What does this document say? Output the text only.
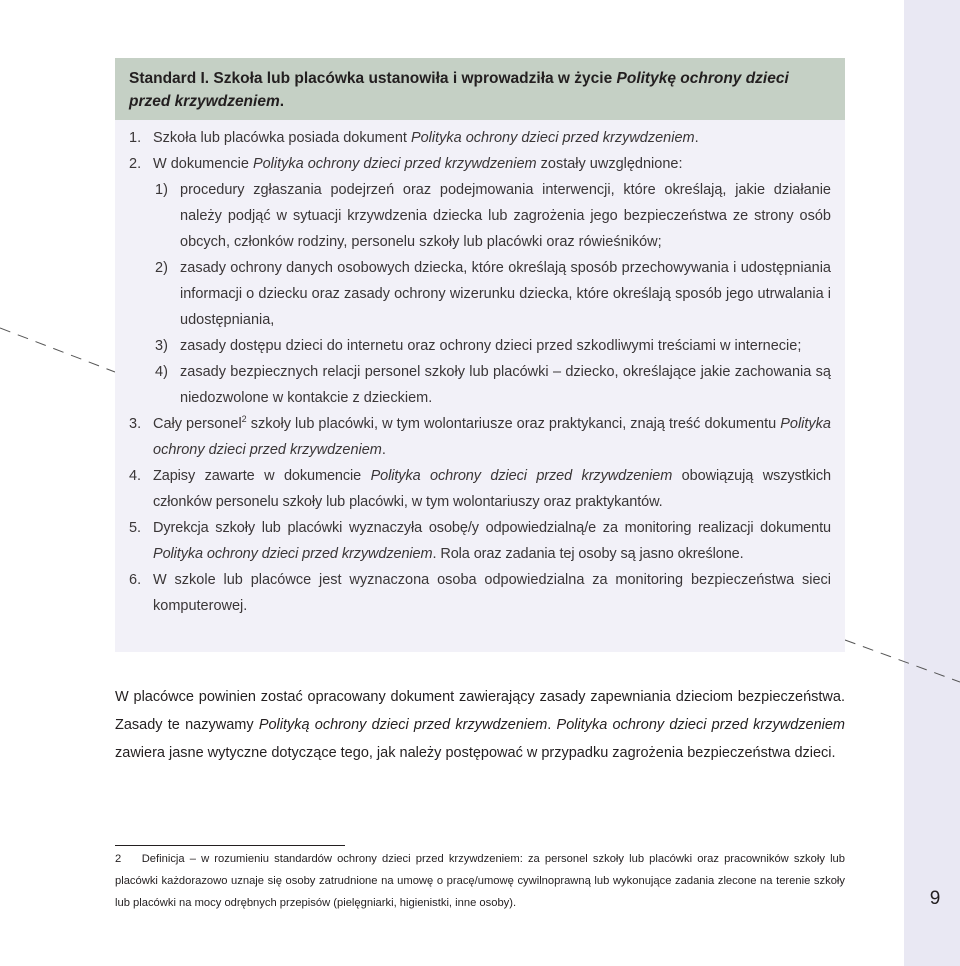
Standard I. Szkoła lub placówka ustanowiła i wprowadziła w życie Politykę ochrony dzieci przed krzywdzeniem.
1. Szkoła lub placówka posiada dokument Polityka ochrony dzieci przed krzywdzeniem.
2. W dokumencie Polityka ochrony dzieci przed krzywdzeniem zostały uwzględnione:
1) procedury zgłaszania podejrzeń oraz podejmowania interwencji, które określają, jakie działanie należy podjąć w sytuacji krzywdzenia dziecka lub zagrożenia jego bezpieczeństwa ze strony osób obcych, członków rodziny, personelu szkoły lub placówki oraz rówieśników;
2) zasady ochrony danych osobowych dziecka, które określają sposób przechowywania i udostępniania informacji o dziecku oraz zasady ochrony wizerunku dziecka, które określają sposób jego utrwalania i udostępniania,
3) zasady dostępu dzieci do internetu oraz ochrony dzieci przed szkodliwymi treściami w internecie;
4) zasady bezpiecznych relacji personel szkoły lub placówki – dziecko, określające jakie zachowania są niedozwolone w kontakcie z dzieckiem.
3. Cały personel$^2$ szkoły lub placówki, w tym wolontariusze oraz praktykanci, znają treść dokumentu Polityka ochrony dzieci przed krzywdzeniem.
4. Zapisy zawarte w dokumencie Polityka ochrony dzieci przed krzywdzeniem obowiązują wszystkich członków personelu szkoły lub placówki, w tym wolontariuszy oraz praktykantów.
5. Dyrekcja szkoły lub placówki wyznaczyła osobę/y odpowiedzialną/e za monitoring realizacji dokumentu Polityka ochrony dzieci przed krzywdzeniem. Rola oraz zadania tej osoby są jasno określone.
6. W szkole lub placówce jest wyznaczona osoba odpowiedzialna za monitoring bezpieczeństwa sieci komputerowej.
W placówce powinien zostać opracowany dokument zawierający zasady zapewniania dzieciom bezpieczeństwa. Zasady te nazywamy Polityką ochrony dzieci przed krzywdzeniem. Polityka ochrony dzieci przed krzywdzeniem zawiera jasne wytyczne dotyczące tego, jak należy postępować w przypadku zagrożenia bezpieczeństwa dzieci.
2 Definicja – w rozumieniu standardów ochrony dzieci przed krzywdzeniem: za personel szkoły lub placówki oraz pracowników szkoły lub placówki każdorazowo uznaje się osoby zatrudnione na umowę o pracę/umowę cywilnoprawną lub wykonujące zadania zlecone na terenie szkoły lub placówki na mocy odrębnych przepisów (pielęgniarki, higienistki, inne osoby).	9
